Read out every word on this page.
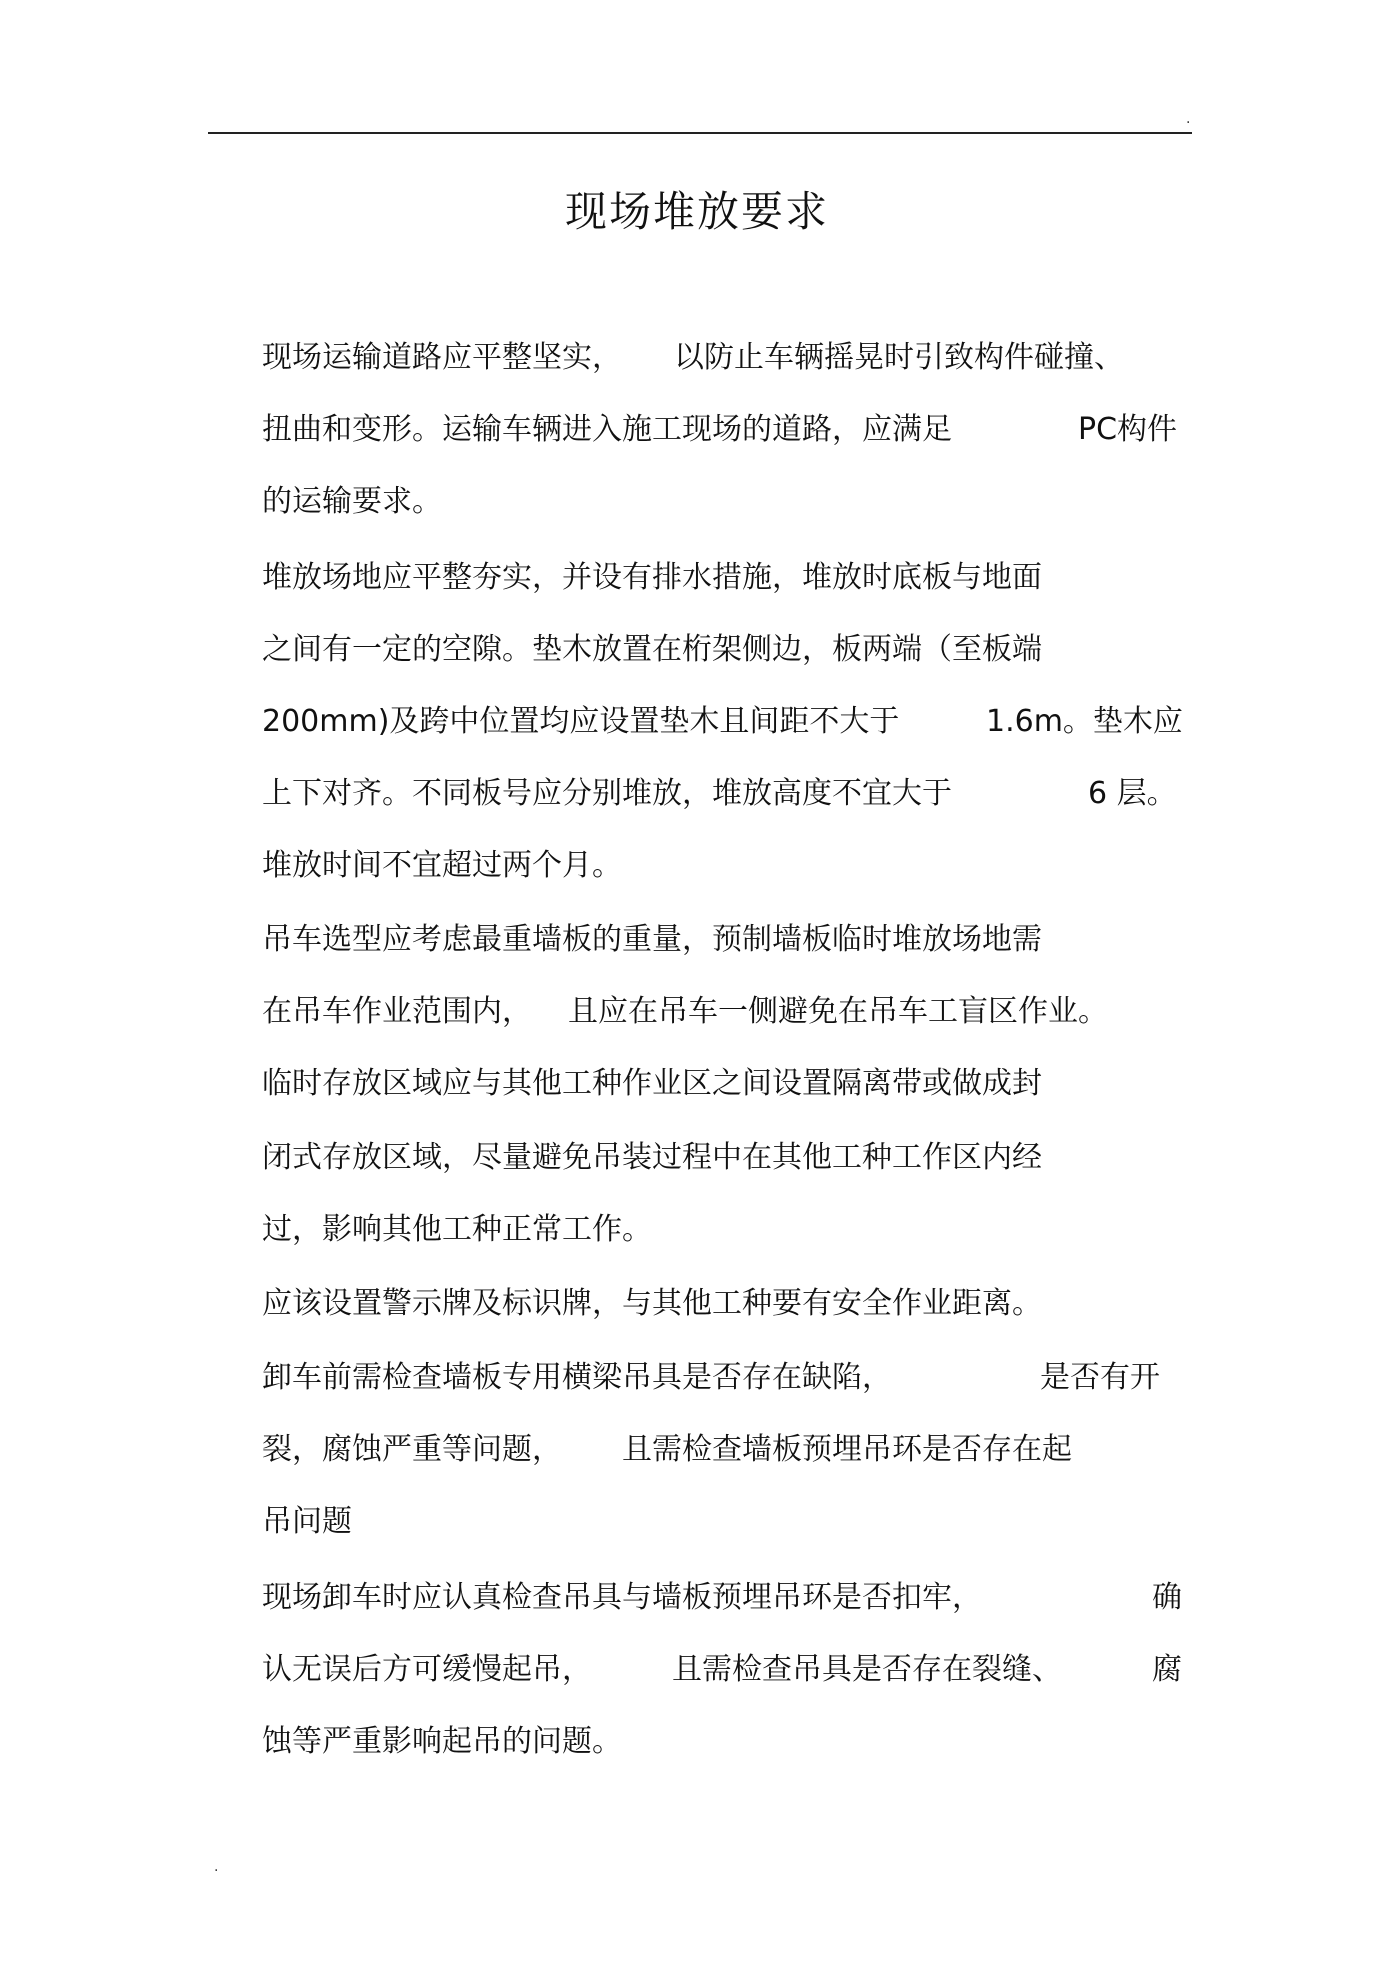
.
现场堆放要求

现场运输道路应平整坚实，

以防止车辆摇晃时引致构件碰撞、

扭曲和变形。运输车辆进入施工现场的道路，应满足

	PC构件

的运输要求。

堆放场地应平整夯实，并设有排水措施，堆放时底板与地面

之间有一定的空隙。垫木放置在桁架侧边，板两端（至板端

200mm)及跨中位置均应设置垫木且间距不大于

	1.6m。垫木应

上下对齐。不同板号应分别堆放，堆放高度不宜大于

	6 层。

堆放时间不宜超过两个月。

吊车选型应考虑最重墙板的重量，预制墙板临时堆放场地需

在吊车作业范围内，

且应在吊车一侧避免在吊车工盲区作业。

临时存放区域应与其他工种作业区之间设置隔离带或做成封

闭式存放区域，尽量避免吊装过程中在其他工种工作区内经

过，影响其他工种正常工作。

应该设置警示牌及标识牌，与其他工种要有安全作业距离。

卸车前需检查墙板专用横梁吊具是否存在缺陷，

	是否有开

裂，腐蚀严重等问题，

且需检查墙板预埋吊环是否存在起

吊问题

现场卸车时应认真检查吊具与墙板预埋吊环是否扣牢，

	确

认无误后方可缓慢起吊，

	且需检查吊具是否存在裂缝、

	腐

蚀等严重影响起吊的问题。

.
